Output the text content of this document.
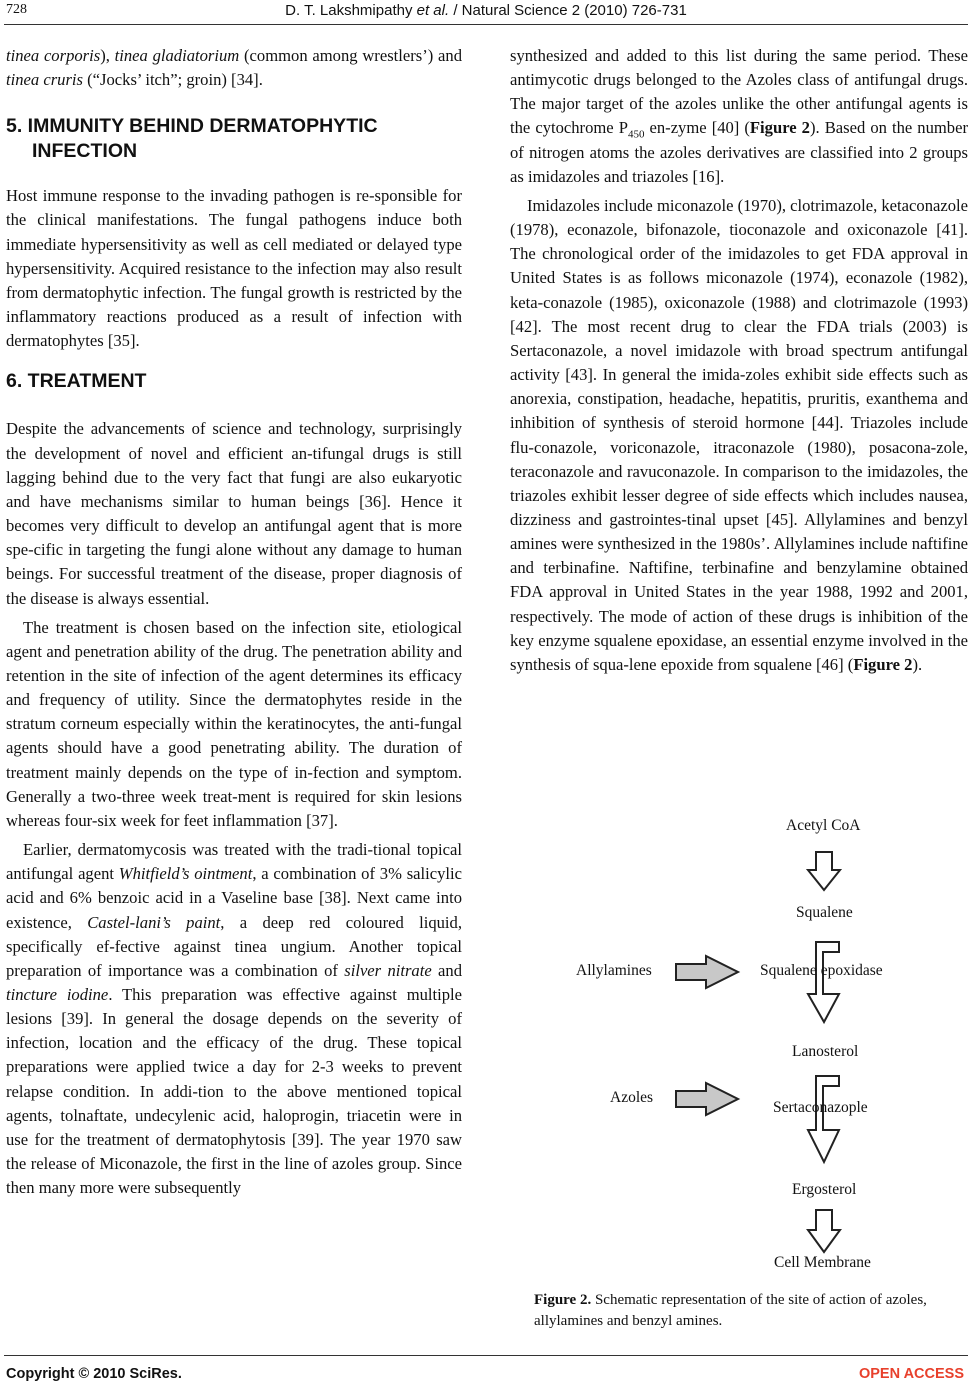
728	D. T. Lakshmipathy et al. / Natural Science 2 (2010) 726-731

tinea corporis), tinea gladiatorium (common among wrestlers’) and tinea cruris (“Jocks’ itch”; groin) [34].

5. IMMUNITY BEHIND DERMATOPHYTIC
INFECTION

Host immune response to the invading pathogen is re-sponsible for the clinical manifestations. The fungal pathogens induce both immediate hypersensitivity as well as cell mediated or delayed type hypersensitivity. Acquired resistance to the infection may also result from dermatophytic infection. The fungal growth is restricted by the inflammatory reactions produced as a result of infection with dermatophytes [35].

6. TREATMENT

Despite the advancements of science and technology, surprisingly the development of novel and efficient an-tifungal drugs is still lagging behind due to the very fact that fungi are also eukaryotic and have mechanisms similar to human beings [36]. Hence it becomes very difficult to develop an antifungal agent that is more spe-cific in targeting the fungi alone without any damage to human beings. For successful treatment of the disease, proper diagnosis of the disease is always essential.

The treatment is chosen based on the infection site, etiological agent and penetration ability of the drug. The penetration ability and retention in the site of infection of the agent determines its efficacy and frequency of utility. Since the dermatophytes reside in the stratum corneum especially within the keratinocytes, the anti-fungal agents should have a good penetrating ability. The duration of treatment mainly depends on the type of in-fection and symptom. Generally a two-three week treat-ment is required for skin lesions whereas four-six week for feet inflammation [37].

Earlier, dermatomycosis was treated with the tradi-tional topical antifungal agent Whitfield’s ointment, a combination of 3% salicylic acid and 6% benzoic acid in a Vaseline base [38]. Next came into existence, Castel-lani’s paint, a deep red coloured liquid, specifically ef-fective against tinea ungium. Another topical preparation of importance was a combination of silver nitrate and tincture iodine. This preparation was effective against multiple lesions [39]. In general the dosage depends on the severity of infection, location and the efficacy of the drug. These topical preparations were applied twice a day for 2-3 weeks to prevent relapse condition. In addi-tion to the above mentioned topical agents, tolnaftate, undecylenic acid, haloprogin, triacetin were in use for the treatment of dermatophytosis [39]. The year 1970 saw the release of Miconazole, the first in the line of azoles group. Since then many more were subsequently

synthesized and added to this list during the same period. These antimycotic drugs belonged to the Azoles class of antifungal drugs. The major target of the azoles unlike the other antifungal agents is the cytochrome $P_{450}$ en-zyme [40] (Figure 2). Based on the number of nitrogen atoms the azoles derivatives are classified into 2 groups as imidazoles and triazoles [16].

Imidazoles include miconazole (1970), clotrimazole, ketaconazole (1978), econazole, bifonazole, tioconazole and oxiconazole [41]. The chronological order of the imidazoles to get FDA approval in United States is as follows miconazole (1974), econazole (1982), keta-conazole (1985), oxiconazole (1988) and clotrimazole (1993) [42]. The most recent drug to clear the FDA trials (2003) is Sertaconazole, a novel imidazole with broad spectrum antifungal activity [43]. In general the imida-zoles exhibit side effects such as anorexia, constipation, headache, hepatitis, pruritis, exanthema and inhibition of synthesis of steroid hormone [44]. Triazoles include flu-conazole, voriconazole, itraconazole (1980), posacona-zole, teraconazole and ravuconazole. In comparison to the imidazoles, the triazoles exhibit lesser degree of side effects which includes nausea, dizziness and gastrointes-tinal upset [45]. Allylamines and benzyl amines were synthesized in the 1980s’. Allylamines include naftifine and terbinafine. Naftifine, terbinafine and benzylamine obtained FDA approval in United States in the year 1988, 1992 and 2001, respectively. The mode of action of these drugs is inhibition of the key enzyme squalene epoxidase, an essential enzyme involved in the synthesis of squa-lene epoxide from squalene [46] (Figure 2).

Acetyl CoA
Squalene
Squalene epoxidase
Lanosterol
Sertaconazople
Ergosterol
Cell Membrane
Allylamines
Azoles
Figure 2. Schematic representation of the site of action of azoles, allylamines and benzyl amines.
Copyright © 2010 SciRes.	OPEN ACCESS
